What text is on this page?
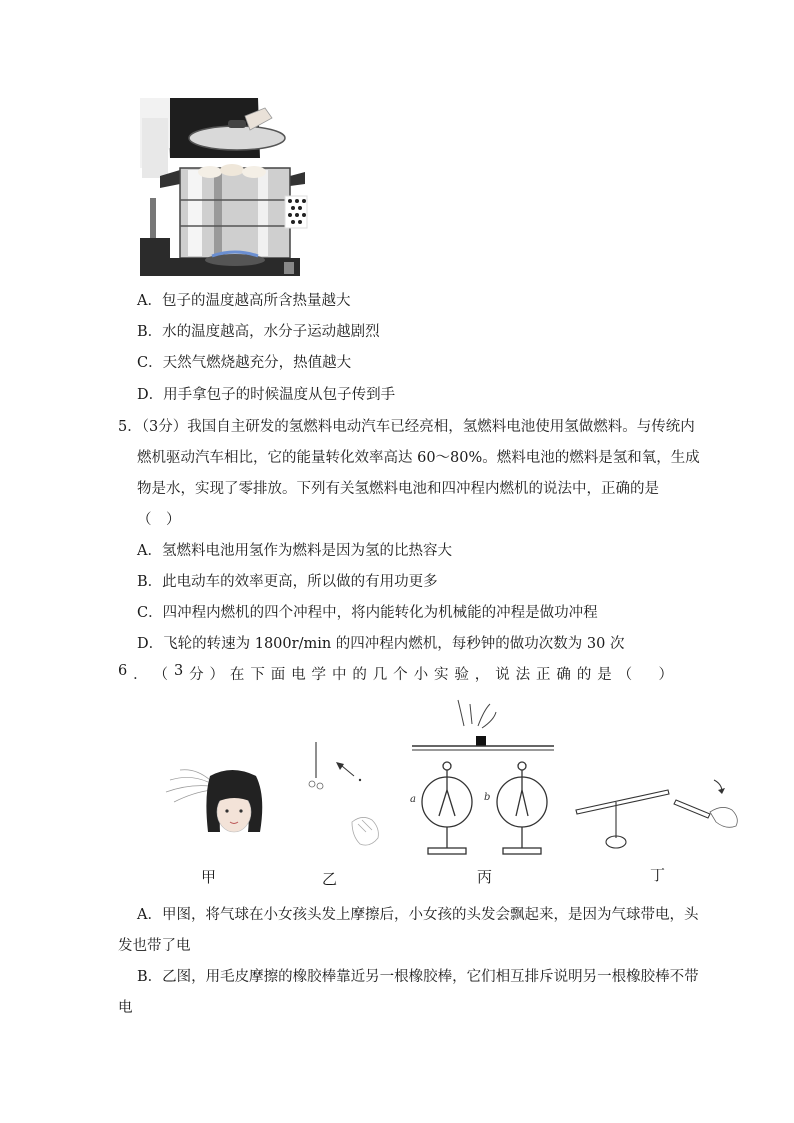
A．包子的温度越高所含热量越大
B．水的温度越高，水分子运动越剧烈
C．天然气燃烧越充分，热值越大
D．用手拿包子的时候温度从包子传到手
5．（3分）我国自主研发的氢燃料电动汽车已经亮相，氢燃料电池使用氢做燃料。与传统内
燃机驱动汽车相比，它的能量转化效率高达 60～80%。燃料电池的燃料是氢和氧，生成
物是水，实现了零排放。下列有关氢燃料电池和四冲程内燃机的说法中，正确的是
（　）
A．氢燃料电池用氢作为燃料是因为氢的比热容大
B．此电动车的效率更高，所以做的有用功更多
C．四冲程内燃机的四个冲程中，将内能转化为机械能的冲程是做功冲程
D．飞轮的转速为 1800r/min 的四冲程内燃机，每秒钟的做功次数为 30 次
6 ． （ 3 分 ） 在 下 面 电 学 中 的 几 个 小 实 验 ， 说 法 正 确 的 是 （
　 ）
a	b
甲	乙	丙	丁
A．甲图，将气球在小女孩头发上摩擦后，小女孩的头发会飘起来，是因为气球带电，头
发也带了电
B．乙图，用毛皮摩擦的橡胶棒靠近另一根橡胶棒，它们相互排斥说明另一根橡胶棒不带
电
